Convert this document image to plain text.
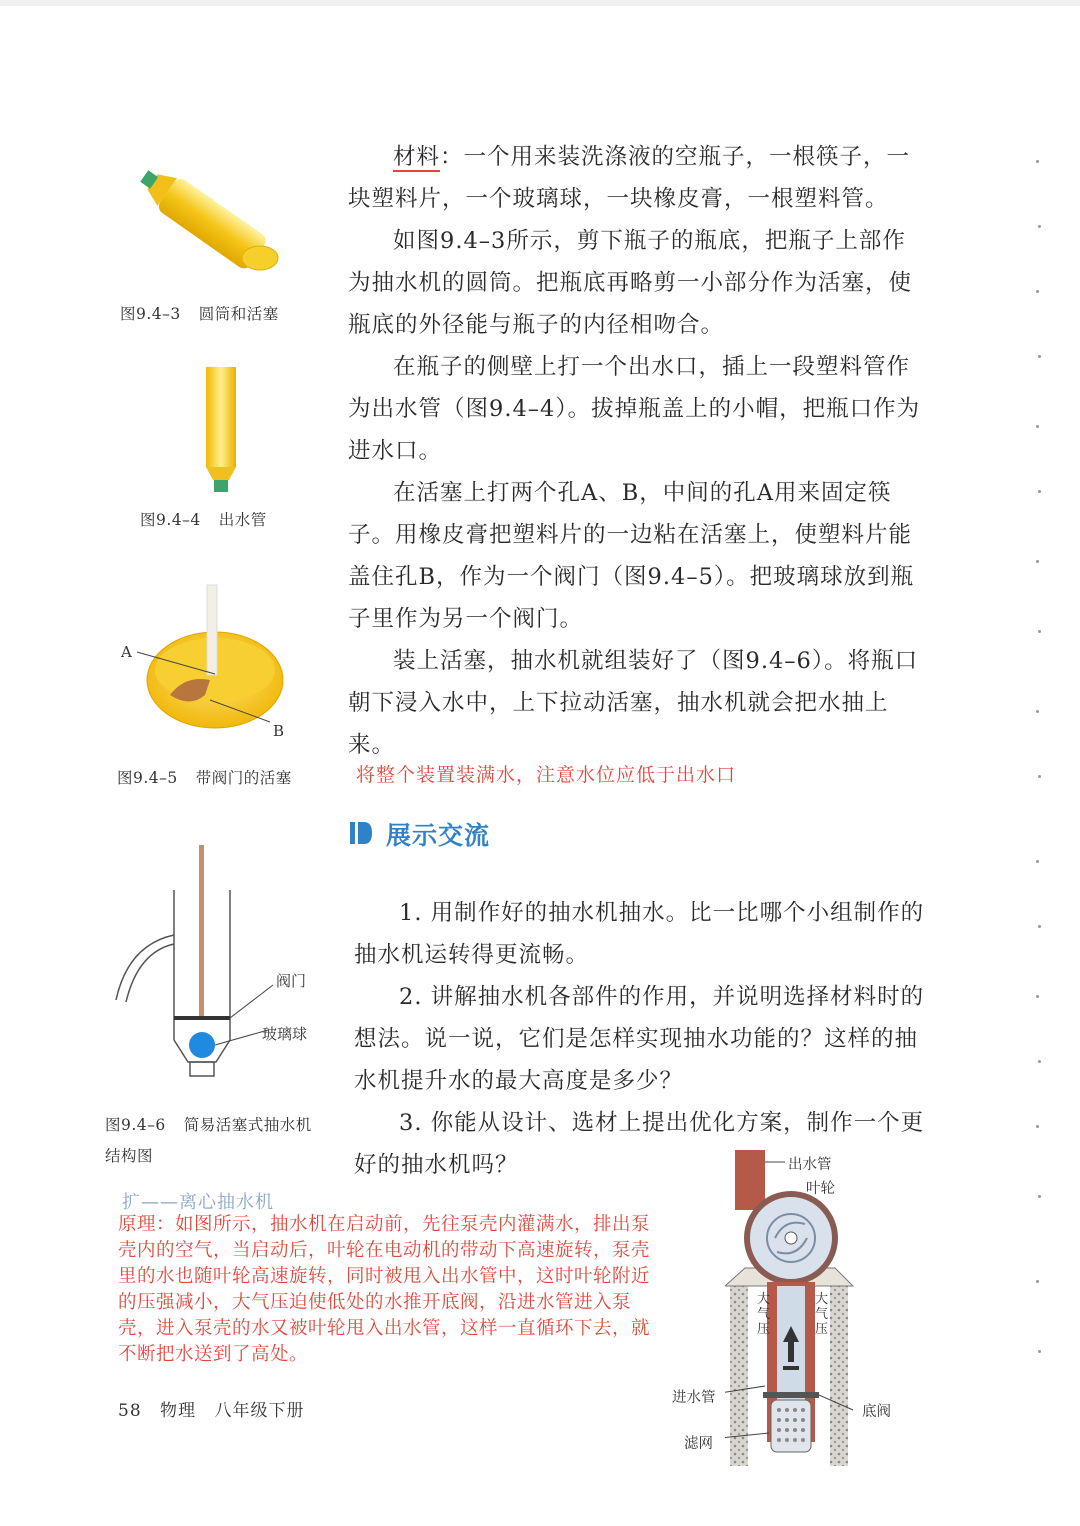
图9.4–3 圆筒和活塞
图9.4–4 出水管
A
B
图9.4–5 带阀门的活塞
阀门
玻璃球
图9.4–6 简易活塞式抽水机
结构图

材料：一个用来装洗涤液的空瓶子，一根筷子，一块塑料片，一个玻璃球，一块橡皮膏，一根塑料管。

如图9.4–3所示，剪下瓶子的瓶底，把瓶子上部作为抽水机的圆筒。把瓶底再略剪一小部分作为活塞，使瓶底的外径能与瓶子的内径相吻合。

在瓶子的侧壁上打一个出水口，插上一段塑料管作为出水管（图9.4–4）。拔掉瓶盖上的小帽，把瓶口作为进水口。

在活塞上打两个孔A、B，中间的孔A用来固定筷子。用橡皮膏把塑料片的一边粘在活塞上，使塑料片能盖住孔B，作为一个阀门（图9.4–5）。把玻璃球放到瓶子里作为另一个阀门。

装上活塞，抽水机就组装好了（图9.4–6）。将瓶口朝下浸入水中，上下拉动活塞，抽水机就会把水抽上来。

将整个装置装满水，注意水位应低于出水口
展示交流

1. 用制作好的抽水机抽水。比一比哪个小组制作的抽水机运转得更流畅。

2. 讲解抽水机各部件的作用，并说明选择材料时的想法。说一说，它们是怎样实现抽水功能的？这样的抽水机提升水的最大高度是多少？

3. 你能从设计、选材上提出优化方案，制作一个更好的抽水机吗？

扩——离心抽水机
原理：如图所示，抽水机在启动前，先往泵壳内灌满水，排出泵壳内的空气，当启动后，叶轮在电动机的带动下高速旋转，泵壳里的水也随叶轮高速旋转，同时被甩入出水管中，这时叶轮附近的压强减小，大气压迫使低处的水推开底阀，沿进水管进入泵壳，进入泵壳的水又被叶轮甩入出水管，这样一直循环下去，就不断把水送到了高处。
出水管
叶轮
大气压
大气压
进水管
底阀
滤网
58 物理 八年级下册
